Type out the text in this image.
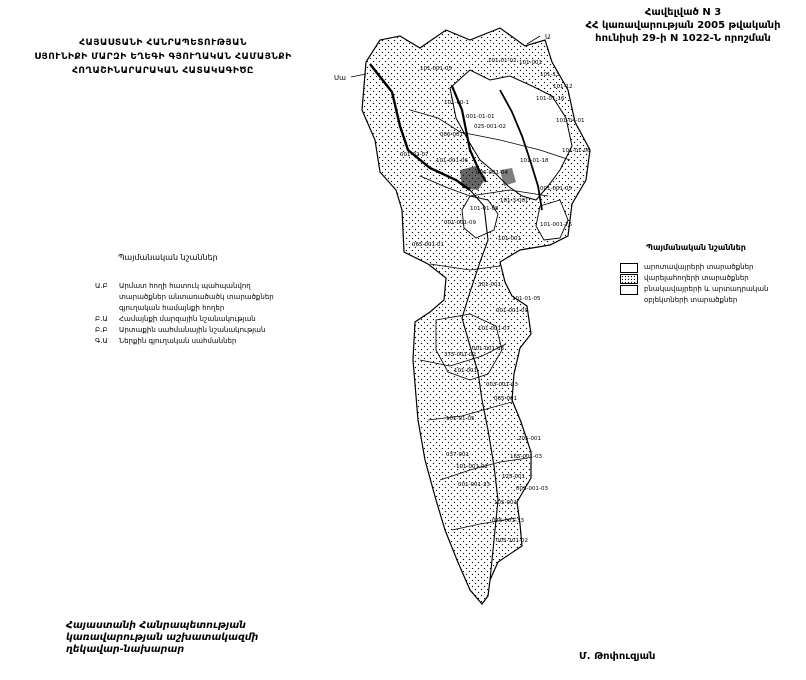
ՀԱՅԱՍՏԱՆԻ ՀԱՆՐԱՊԵՏՈՒԹՅԱՆ
ՍՅՈՒՆԻՔԻ ՄԱՐԶԻ ԵՂԵԳԻ ԳՅՈՒՂԱԿԱՆ ՀԱՄԱՅՆՔԻ
ՀՈՂԱՇԻՆԱՐԱՐԱԿԱՆ ՀԱՏԱԿԱԳԻԾԸ
Հավելված N 3
ՀՀ կառավարության 2005 թվականի
հունիսի 29-ի N 1022-Ն որոշման
Պայմանական նշաններ
Ա.Բ	Արմատ հողի հատուկ պահպանվող
տարածքներ անտառածածկ տարածքներ
գյուղական համայնքի հողեր
Բ.Ա	Համայնքի մարզային նշանակության
Բ.Բ	Արտաքին սահմանային նշանակության
Գ.Ա	Ներքին գյուղական սահմաններ
Պայմանական նշաններ
արոտավայրերի տարածքներ
վարելահողերի տարածքներ
բնակավայրերի և արտադրական
օբյեկտների տարածքներ
Սա
Ա
101-01-02 101-001
101-13
101-12
101-01-16
101-001-05
101-00-1
001-01-01
101-04-01
025-001-02
006-001
001-02-07
101-01-06
101-001-06	101-01-18
006-001-04
001-001-05
101-01-08
101-3-001
101-001-76
001-001-09
101-001
065-001-01
301-001
101-01-05
001-001-09
101-001-07
001-001-03
375-001-02
101-001
003-001-03
065-001
101-01-05
037-001
205-001
165-001-03
101-001-02
125-001
001-001-33
003-001-03
105-001
075-001-33
005-101-02
Հայաստանի Հանրապետության
կառավարության աշխատակազմի
ղեկավար-նախարար
Մ. Թոփուզյան
